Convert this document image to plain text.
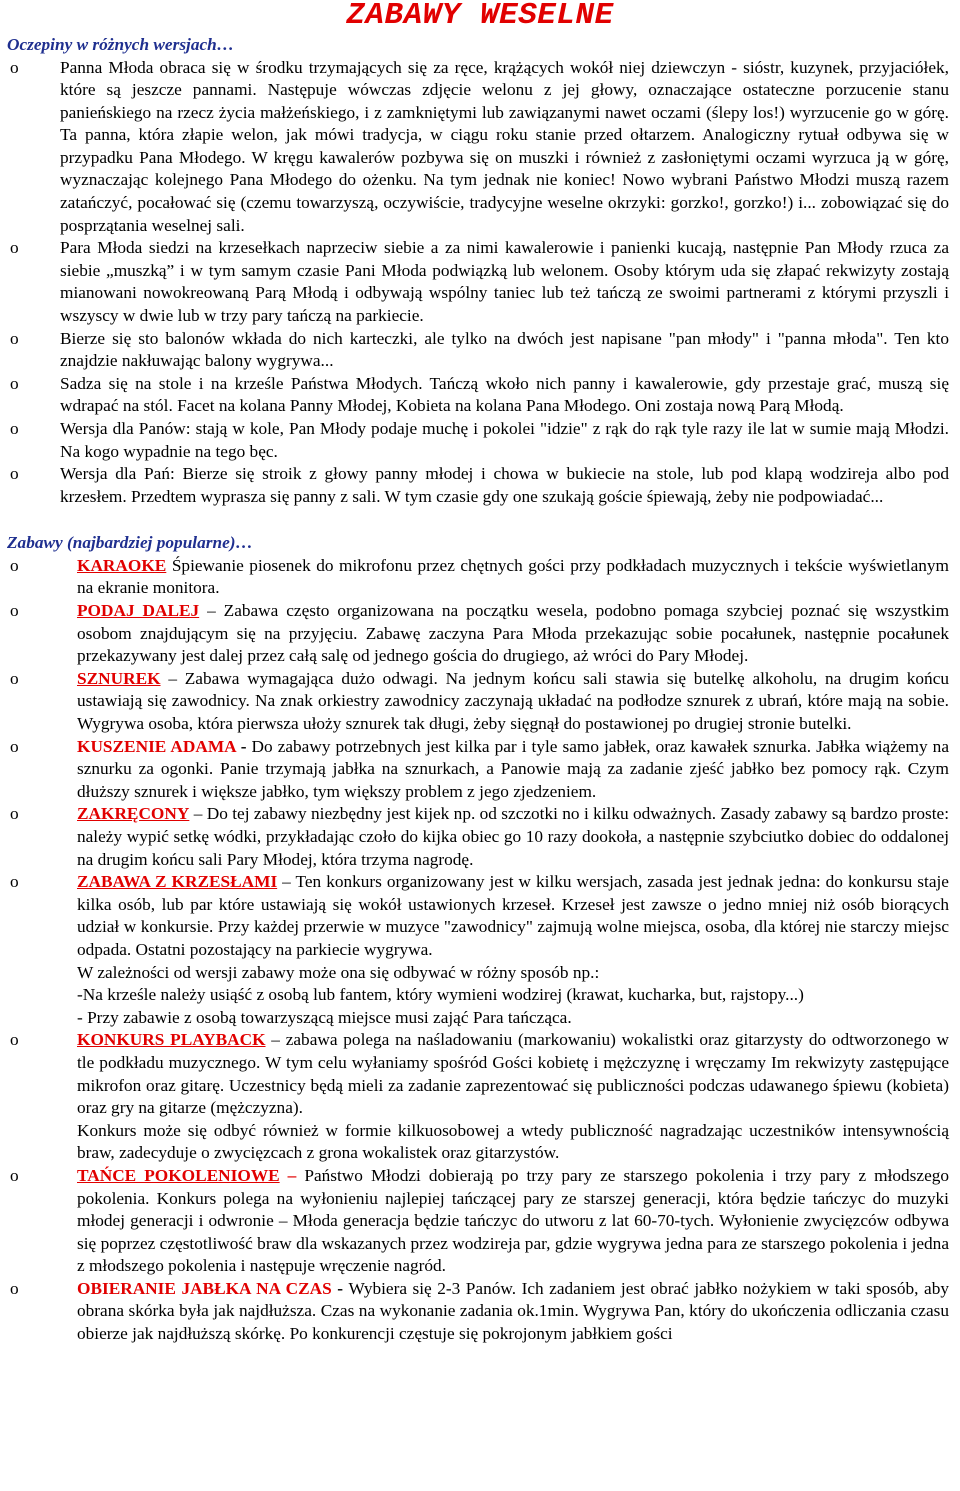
ZABAWY WESELNE
Oczepiny w różnych wersjach…
o Panna Młoda obraca się w środku trzymających się za ręce, krążących wokół niej dziewczyn - sióstr, kuzynek, przyjaciółek, które są jeszcze pannami. Następuje wówczas zdjęcie welonu z jej głowy, oznaczające ostateczne porzucenie stanu panieńskiego na rzecz życia małżeńskiego, i z zamkniętymi lub zawiązanymi nawet oczami (ślepy los!) wyrzucenie go w górę. Ta panna, która złapie welon, jak mówi tradycja, w ciągu roku stanie przed ołtarzem. Analogiczny rytuał odbywa się w przypadku Pana Młodego. W kręgu kawalerów pozbywa się on muszki i również z zasłoniętymi oczami wyrzuca ją w górę, wyznaczając kolejnego Pana Młodego do ożenku. Na tym jednak nie koniec! Nowo wybrani Państwo Młodzi muszą razem zatańczyć, pocałować się (czemu towarzyszą, oczywiście, tradycyjne weselne okrzyki: gorzko!, gorzko!) i... zobowiązać się do posprzątania weselnej sali.
o Para Młoda siedzi na krzesełkach naprzeciw siebie a za nimi kawalerowie i panienki kucają, następnie Pan Młody rzuca za siebie „muszką” i w tym samym czasie Pani Młoda podwiązką lub welonem. Osoby którym uda się złapać rekwizyty zostają mianowani nowokreowaną Parą Młodą i odbywają wspólny taniec lub też tańczą ze swoimi partnerami z którymi przyszli i wszyscy w dwie lub w trzy pary tańczą na parkiecie.
o Bierze się sto balonów wkłada do nich karteczki, ale tylko na dwóch jest napisane "pan młody" i "panna młoda". Ten kto znajdzie nakłuwając balony wygrywa...
o Sadza się na stole i na krześle Państwa Młodych. Tańczą wkoło nich panny i kawalerowie, gdy przestaje grać, muszą się wdrapać na stól. Facet na kolana Panny Młodej, Kobieta na kolana Pana Młodego. Oni zostaja nową Parą Młodą.
o Wersja dla Panów: stają w kole, Pan Młody podaje muchę i pokolei "idzie" z rąk do rąk tyle razy ile lat w sumie mają Młodzi. Na kogo wypadnie na tego bęc.
o Wersja dla Pań: Bierze się stroik z głowy panny młodej i chowa w bukiecie na stole, lub pod klapą wodzireja albo pod krzesłem. Przedtem wyprasza się panny z sali. W tym czasie gdy one szukają goście śpiewają, żeby nie podpowiadać...
Zabawy (najbardziej popularne)…
o	KARAOKE Śpiewanie piosenek do mikrofonu przez chętnych gości przy podkładach muzycznych i tekście wyświetlanym na ekranie monitora.
o	PODAJ DALEJ – Zabawa często organizowana na początku wesela, podobno pomaga szybciej poznać się wszystkim osobom znajdującym się na przyjęciu. Zabawę zaczyna Para Młoda przekazując sobie pocałunek, następnie pocałunek przekazywany jest dalej przez całą salę od jednego gościa do drugiego, aż wróci do Pary Młodej.
o	SZNUREK – Zabawa wymagająca dużo odwagi. Na jednym końcu sali stawia się butelkę alkoholu, na drugim końcu ustawiają się zawodnicy. Na znak orkiestry zawodnicy zaczynają układać na podłodze sznurek z ubrań, które mają na sobie. Wygrywa osoba, która pierwsza ułoży sznurek tak długi, żeby sięgnął do postawionej po drugiej stronie butelki.
o	KUSZENIE ADAMA - Do zabawy potrzebnych jest kilka par i tyle samo jabłek, oraz kawałek sznurka. Jabłka wiążemy na sznurku za ogonki. Panie trzymają jabłka na sznurkach, a Panowie mają za zadanie zjeść jabłko bez pomocy rąk. Czym dłuższy sznurek i większe jabłko, tym większy problem z jego zjedzeniem.
o	ZAKRĘCONY – Do tej zabawy niezbędny jest kijek np. od szczotki no i kilku odważnych. Zasady zabawy są bardzo proste: należy wypić setkę wódki, przykładając czoło do kijka obiec go 10 razy dookoła, a następnie szybciutko dobiec do oddalonej na drugim końcu sali Pary Młodej, która trzyma nagrodę.
o	ZABAWA Z KRZESŁAMI – Ten konkurs organizowany jest w kilku wersjach, zasada jest jednak jedna: do konkursu staje kilka osób, lub par które ustawiają się wokół ustawionych krzeseł. Krzeseł jest zawsze o jedno mniej niż osób biorących udział w konkursie. Przy każdej przerwie w muzyce "zawodnicy" zajmują wolne miejsca, osoba, dla której nie starczy miejsc odpada. Ostatni pozostający na parkiecie wygrywa.
W zależności od wersji zabawy może ona się odbywać w różny sposób np.:
-Na krześle należy usiąść z osobą lub fantem, który wymieni wodzirej (krawat, kucharka, but, rajstopy...)
- Przy zabawie z osobą towarzyszącą miejsce musi zająć Para tańcząca.
o	KONKURS PLAYBACK – zabawa polega na naśladowaniu (markowaniu) wokalistki oraz gitarzysty do odtworzonego w tle podkładu muzycznego. W tym celu wyłaniamy spośród Gości kobietę i mężczyznę i wręczamy Im rekwizyty zastępujące mikrofon oraz gitarę. Uczestnicy będą mieli za zadanie zaprezentować się publiczności podczas udawanego śpiewu (kobieta) oraz gry na gitarze (mężczyzna).
Konkurs może się odbyć również w formie kilkuosobowej a wtedy publiczność nagradzając uczestników intensywnością braw, zadecyduje o zwycięzcach z grona wokalistek oraz gitarzystów.
o	TAŃCE POKOLENIOWE – Państwo Młodzi dobierają po trzy pary ze starszego pokolenia i trzy pary z młodszego pokolenia. Konkurs polega na wyłonieniu najlepiej tańczącej pary ze starszej generacji, która będzie tańczyc do muzyki młodej generacji i odwronie – Młoda generacja będzie tańczyc do utworu z lat 60-70-tych. Wyłonienie zwycięzców odbywa się poprzez częstotliwość braw dla wskazanych przez wodzireja par, gdzie wygrywa jedna para ze starszego pokolenia i jedna z młodszego pokolenia i następuje wręczenie nagród.
o	OBIERANIE JABŁKA NA CZAS - Wybiera się 2-3 Panów. Ich zadaniem jest obrać jabłko nożykiem w taki sposób, aby obrana skórka była jak najdłuższa. Czas na wykonanie zadania ok.1min. Wygrywa Pan, który do ukończenia odliczania czasu obierze jak najdłuższą skórkę. Po konkurencji częstuje się pokrojonym jabłkiem gości
